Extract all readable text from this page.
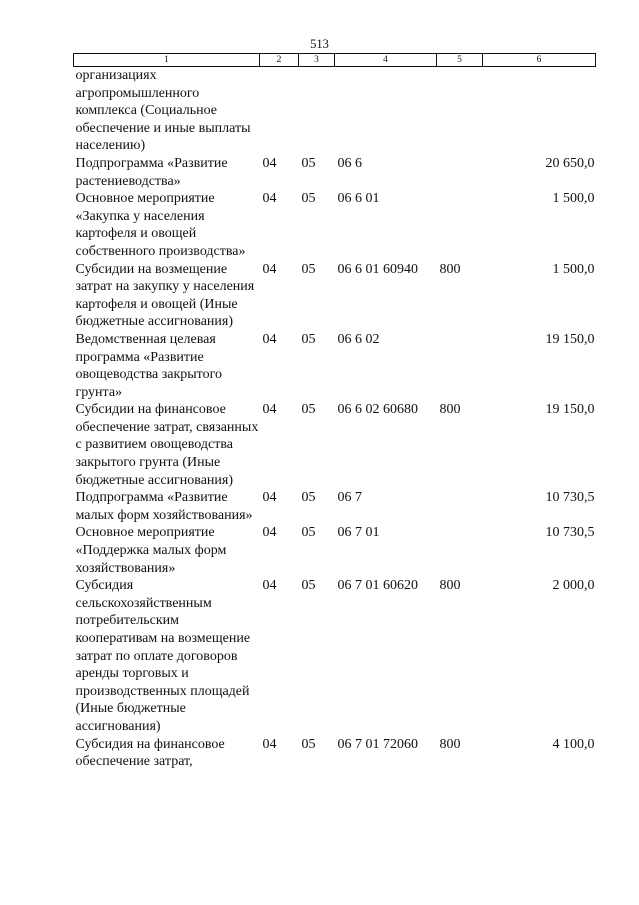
513
1	2	3	4	5	6
организациях агропромышленного комплекса (Социальное обеспечение и иные выплаты населению)					
Подпрограмма «Развитие растениеводства»	04	05	06 6		20 650,0
Основное мероприятие «Закупка у населения картофеля и овощей собственного производства»	04	05	06 6 01		1 500,0
Субсидии на возмещение затрат на закупку у населения картофеля и овощей (Иные бюджетные ассигнования)	04	05	06 6 01 60940	800	1 500,0
Ведомственная целевая программа «Развитие овощеводства закрытого грунта»	04	05	06 6 02		19 150,0
Субсидии на финансовое обеспечение затрат, связанных с развитием овощеводства закрытого грунта (Иные бюджетные ассигнования)	04	05	06 6 02 60680	800	19 150,0
Подпрограмма «Развитие малых форм хозяйствования»	04	05	06 7		10 730,5
Основное мероприятие «Поддержка малых форм хозяйствования»	04	05	06 7 01		10 730,5
Субсидия сельскохозяйственным потребительским кооперативам на возмещение затрат по оплате договоров аренды торговых и производственных площадей (Иные бюджетные ассигнования)	04	05	06 7 01 60620	800	2 000,0
Субсидия на финансовое обеспечение затрат,	04	05	06 7 01 72060	800	4 100,0
